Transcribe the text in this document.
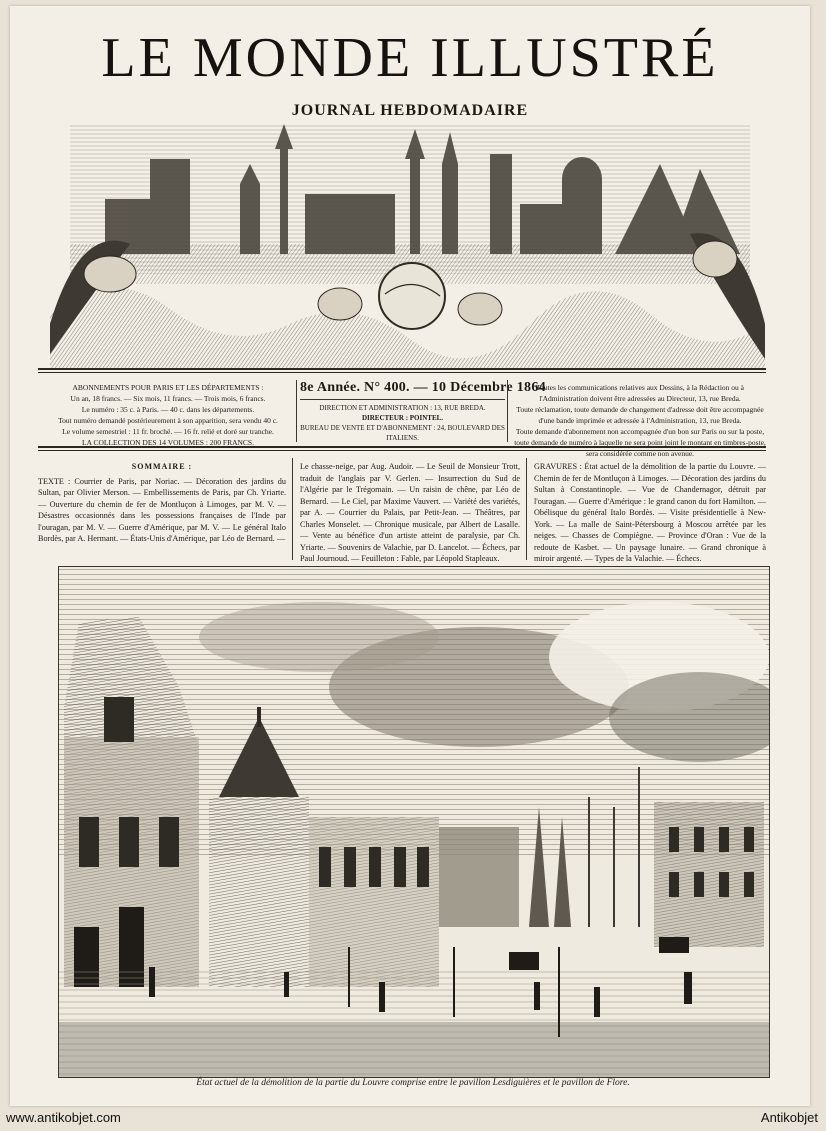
LE MONDE ILLUSTRÉ
JOURNAL HEBDOMADAIRE
ABONNEMENTS POUR PARIS ET LES DÉPARTEMENTS :
Un an, 18 francs. — Six mois, 11 francs. — Trois mois, 6 francs.
Le numéro : 35 c. à Paris. — 40 c. dans les départements.
Tout numéro demandé postérieurement à son apparition, sera vendu 40 c.
Le volume semestriel : 11 fr. broché. — 16 fr. relié et doré sur tranche.
LA COLLECTION DES 14 VOLUMES : 200 FRANCS.
8e Année. N° 400. — 10 Décembre 1864
DIRECTION ET ADMINISTRATION : 13, RUE BREDA.
DIRECTEUR : POINTEL.
BUREAU DE VENTE ET D'ABONNEMENT : 24, BOULEVARD DES ITALIENS.
Toutes les communications relatives aux Dessins, à la Rédaction ou à l'Administration doivent être adressées au Directeur, 13, rue Breda.
Toute réclamation, toute demande de changement d'adresse doit être accompagnée d'une bande imprimée et adressée à l'Administration, 13, rue Breda.
Toute demande d'abonnement non accompagnée d'un bon sur Paris ou sur la poste, toute demande de numéro à laquelle ne sera point joint le montant en timbres-poste, sera considérée comme non avenue.
SOMMAIRE :
TEXTE : Courrier de Paris, par Noriac. — Décoration des jardins du Sultan, par Olivier Merson. — Embellissements de Paris, par Ch. Yriarte. — Ouverture du chemin de fer de Montluçon à Limoges, par M. V. — Désastres occasionnés dans les possessions françaises de l'Inde par l'ouragan, par M. V. — Guerre d'Amérique, par M. V. — Le général Italo Bordès, par A. Hermant. — États-Unis d'Amérique, par Léo de Bernard. —
Le chasse-neige, par Aug. Audoir. — Le Seuil de Monsieur Trott, traduit de l'anglais par V. Gerlen. — Insurrection du Sud de l'Algérie par le Trégomain. — Un raisin de chêne, par Léo de Bernard. — Le Ciel, par Maxime Vauvert. — Variété des variétés, par A. — Courrier du Palais, par Petit-Jean. — Théâtres, par Charles Monselet. — Chronique musicale, par Albert de Lasalle. — Vente au bénéfice d'un artiste atteint de paralysie, par Ch. Yriarte. — Souvenirs de Valachie, par D. Lancelot. — Échecs, par Paul Journoud. — Feuilleton : Fable, par Léopold Stapleaux.
GRAVURES : État actuel de la démolition de la partie du Louvre. — Chemin de fer de Montluçon à Limoges. — Décoration des jardins du Sultan à Constantinople. — Vue de Chandernagor, détruit par l'ouragan. — Guerre d'Amérique : le grand canon du fort Hamilton. — Obélisque du général Italo Bordès. — Visite présidentielle à New-York. — La malle de Saint-Pétersbourg à Moscou arrêtée par les neiges. — Chasses de Compiègne. — Province d'Oran : Vue de la redoute de Kasbet. — Un paysage lunaire. — Grand chronique à miroir argenté. — Types de la Valachie. — Échecs.
État actuel de la démolition de la partie du Louvre comprise entre le pavillon Lesdiguières et le pavillon de Flore.
www.antikobjet.com	Antikobjet
